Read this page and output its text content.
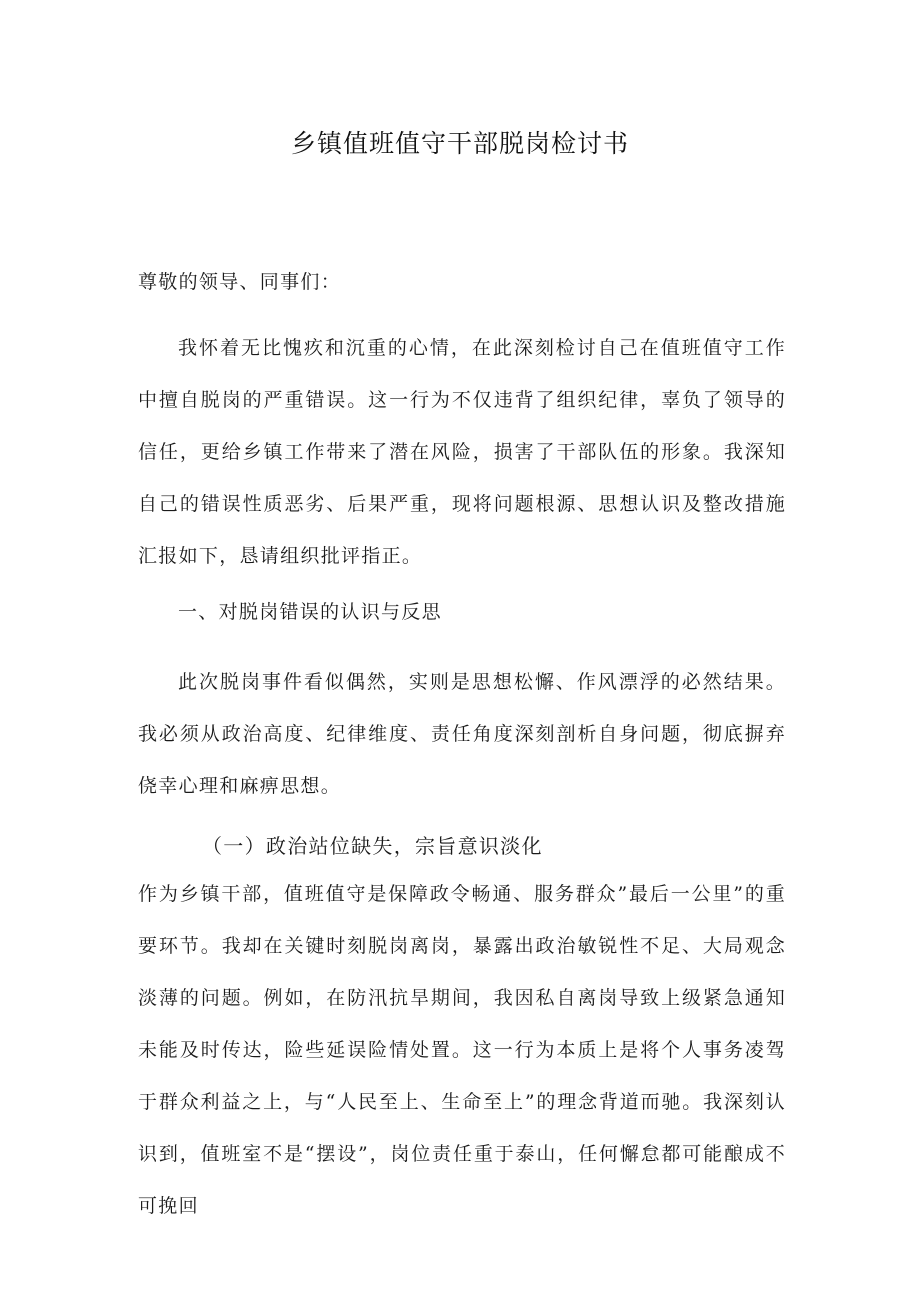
乡镇值班值守干部脱岗检讨书

尊敬的领导、同事们：

我怀着无比愧疚和沉重的心情，在此深刻检讨自己在值班值守工作中擅自脱岗的严重错误。这一行为不仅违背了组织纪律，辜负了领导的信任，更给乡镇工作带来了潜在风险，损害了干部队伍的形象。我深知自己的错误性质恶劣、后果严重，现将问题根源、思想认识及整改措施汇报如下，恳请组织批评指正。

一、对脱岗错误的认识与反思

此次脱岗事件看似偶然，实则是思想松懈、作风漂浮的必然结果。我必须从政治高度、纪律维度、责任角度深刻剖析自身问题，彻底摒弃侥幸心理和麻痹思想。

（一）政治站位缺失，宗旨意识淡化

作为乡镇干部，值班值守是保障政令畅通、服务群众”最后一公里”的重要环节。我却在关键时刻脱岗离岗，暴露出政治敏锐性不足、大局观念淡薄的问题。例如，在防汛抗旱期间，我因私自离岗导致上级紧急通知未能及时传达，险些延误险情处置。这一行为本质上是将个人事务凌驾于群众利益之上，与“人民至上、生命至上”的理念背道而驰。我深刻认识到，值班室不是“摆设”，岗位责任重于泰山，任何懈怠都可能酿成不可挽回
